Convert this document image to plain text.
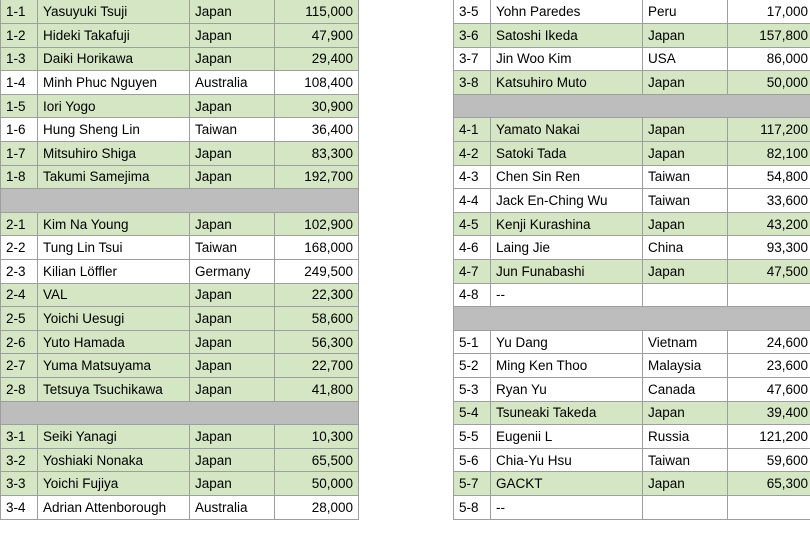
1-1	Yasuyuki Tsuji	Japan	115,000
1-2	Hideki Takafuji	Japan	47,900
1-3	Daiki Horikawa	Japan	29,400
1-4	Minh Phuc Nguyen	Australia	108,400
1-5	Iori Yogo	Japan	30,900
1-6	Hung Sheng Lin	Taiwan	36,400
1-7	Mitsuhiro Shiga	Japan	83,300
1-8	Takumi Samejima	Japan	192,700

2-1	Kim Na Young	Japan	102,900
2-2	Tung Lin Tsui	Taiwan	168,000
2-3	Kilian Löffler	Germany	249,500
2-4	VAL	Japan	22,300
2-5	Yoichi Uesugi	Japan	58,600
2-6	Yuto Hamada	Japan	56,300
2-7	Yuma Matsuyama	Japan	22,700
2-8	Tetsuya Tsuchikawa	Japan	41,800

3-1	Seiki Yanagi	Japan	10,300
3-2	Yoshiaki Nonaka	Japan	65,500
3-3	Yoichi Fujiya	Japan	50,000
3-4	Adrian Attenborough	Australia	28,000
3-5	Yohn Paredes	Peru	17,000
3-6	Satoshi Ikeda	Japan	157,800
3-7	Jin Woo Kim	USA	86,000
3-8	Katsuhiro Muto	Japan	50,000

4-1	Yamato Nakai	Japan	117,200
4-2	Satoki Tada	Japan	82,100
4-3	Chen Sin Ren	Taiwan	54,800
4-4	Jack En-Ching Wu	Taiwan	33,600
4-5	Kenji Kurashina	Japan	43,200
4-6	Laing Jie	China	93,300
4-7	Jun Funabashi	Japan	47,500
4-8	--		

5-1	Yu Dang	Vietnam	24,600
5-2	Ming Ken Thoo	Malaysia	23,600
5-3	Ryan Yu	Canada	47,600
5-4	Tsuneaki Takeda	Japan	39,400
5-5	Eugenii L	Russia	121,200
5-6	Chia-Yu Hsu	Taiwan	59,600
5-7	GACKT	Japan	65,300
5-8	--		
